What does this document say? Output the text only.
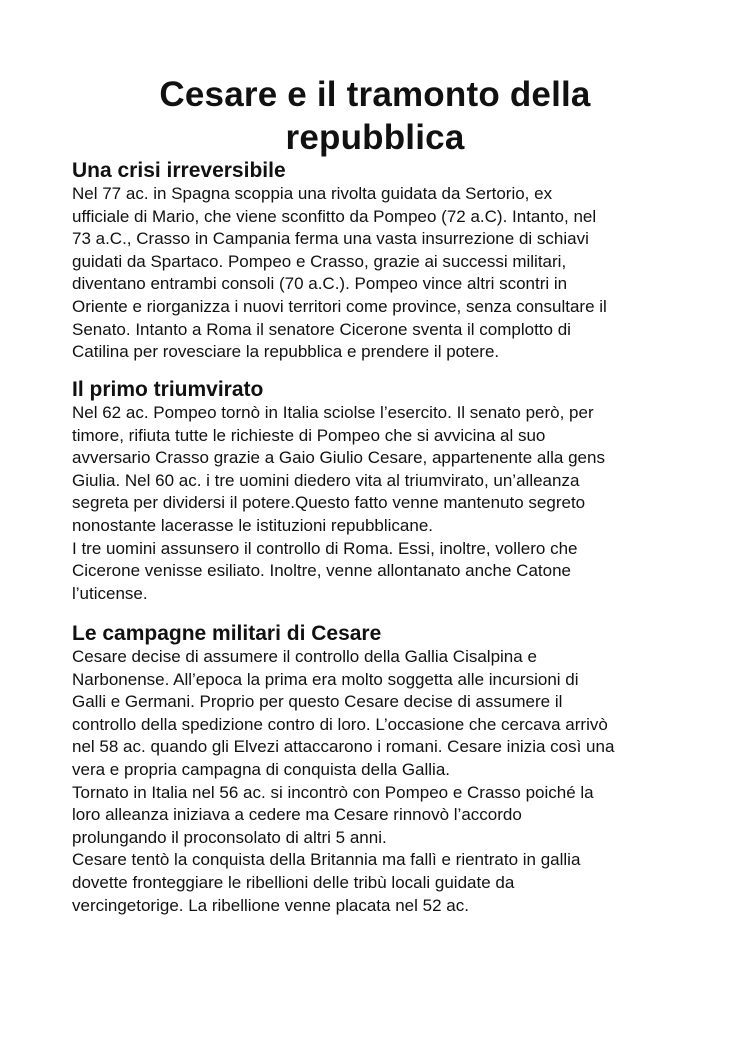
Cesare e il tramonto della
repubblica
Una crisi irreversibile

Nel 77 ac. in Spagna scoppia una rivolta guidata da Sertorio, ex
ufficiale di Mario, che viene sconfitto da Pompeo (72 a.C). Intanto, nel
73 a.C., Crasso in Campania ferma una vasta insurrezione di schiavi
guidati da Spartaco. Pompeo e Crasso, grazie ai successi militari,
diventano entrambi consoli (70 a.C.). Pompeo vince altri scontri in
Oriente e riorganizza i nuovi territori come province, senza consultare il
Senato. Intanto a Roma il senatore Cicerone sventa il complotto di
Catilina per rovesciare la repubblica e prendere il potere.

Il primo triumvirato

Nel 62 ac. Pompeo tornò in Italia sciolse l’esercito. Il senato però, per
timore, rifiuta tutte le richieste di Pompeo che si avvicina al suo
avversario Crasso grazie a Gaio Giulio Cesare, appartenente alla gens
Giulia. Nel 60 ac. i tre uomini diedero vita al triumvirato, un’alleanza
segreta per dividersi il potere.Questo fatto venne mantenuto segreto
nonostante lacerasse le istituzioni repubblicane.
I tre uomini assunsero il controllo di Roma. Essi, inoltre, vollero che
Cicerone venisse esiliato. Inoltre, venne allontanato anche Catone
l’uticense.

Le campagne militari di Cesare

Cesare decise di assumere il controllo della Gallia Cisalpina e
Narbonense. All’epoca la prima era molto soggetta alle incursioni di
Galli e Germani. Proprio per questo Cesare decise di assumere il
controllo della spedizione contro di loro. L’occasione che cercava arrivò
nel 58 ac. quando gli Elvezi attaccarono i romani. Cesare inizia così una
vera e propria campagna di conquista della Gallia.
Tornato in Italia nel 56 ac. si incontrò con Pompeo e Crasso poiché la
loro alleanza iniziava a cedere ma Cesare rinnovò l’accordo
prolungando il proconsolato di altri 5 anni.
Cesare tentò la conquista della Britannia ma fallì e rientrato in gallia
dovette fronteggiare le ribellioni delle tribù locali guidate da
vercingetorige. La ribellione venne placata nel 52 ac.
